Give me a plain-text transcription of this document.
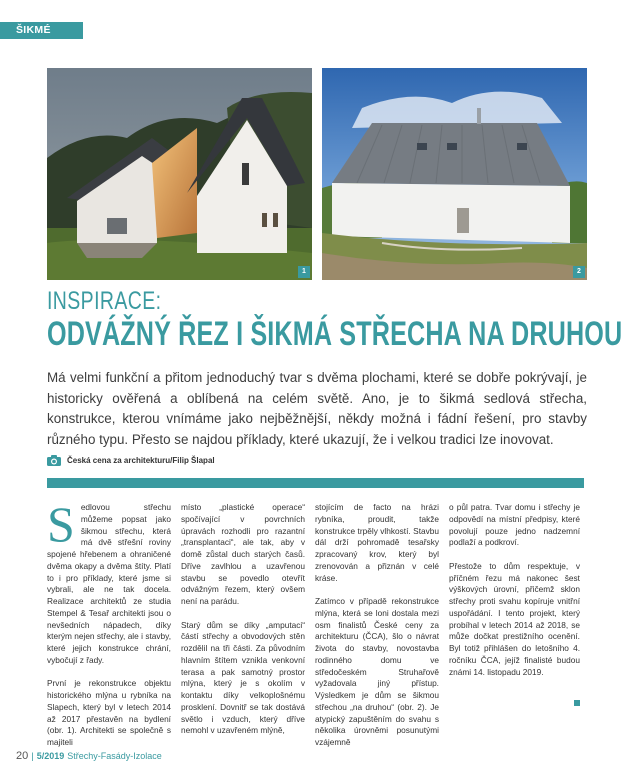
ŠIKMÉ STŘECHY
1	2
INSPIRACE:
ODVÁŽNÝ ŘEZ I ŠIKMÁ STŘECHA NA DRUHOU
Má velmi funkční a přitom jednoduchý tvar s dvěma plochami, které se dobře pokrývají, je historicky ověřená a oblíbená na celém světě. Ano, je to šikmá sedlová střecha, konstrukce, kterou vnímáme jako nejběžnější, někdy možná i fádní řešení, pro stavby různého typu. Přesto se najdou příklady, které ukazují, že i velkou tradici lze inovovat.
Česká cena za architekturu/Filip Šlapal

Sedlovou střechu můžeme popsat jako šikmou střechu, která má dvě střešní roviny spojené hřebenem a ohraničené dvěma okapy a dvěma štíty. Platí to i pro příklady, které jsme si vybrali, ale ne tak docela. Realizace architektů ze studia Stempel & Tesař architekti jsou o nevšedních nápadech, díky kterým nejen střechy, ale i stavby, které jejich konstrukce chrání, vybočují z řady.

První je rekonstrukce objektu historického mlýna u rybníka na Slapech, který byl v letech 2014 až 2017 přestavěn na bydlení (obr. 1). Architekti se společně s majiteli

místo „plastické operace“ spočívající v povrchních úpravách rozhodli pro razantní „transplantaci“, ale tak, aby v domě zůstal duch starých časů. Dříve zavlhlou a uzavřenou stavbu se povedlo otevřít odvážným řezem, který ovšem není na parádu.

Starý dům se díky „amputaci“ částí střechy a obvodových stěn rozdělil na tři části. Za původním hlavním štítem vznikla venkovní terasa a pak samotný prostor mlýna, který je s okolím v kontaktu díky velkoplošnému prosklení. Dovnitř se tak dostává světlo i vzduch, který dříve nemohl v uzavřeném mlýně,

stojícím de facto na hrázi rybníka, proudit, takže konstrukce trpěly vlhkostí. Stavbu dál drží pohromadě tesařsky zpracovaný krov, který byl zrenovován a přiznán v celé kráse.

Zatímco v případě rekonstrukce mlýna, která se loni dostala mezi osm finalistů České ceny za architekturu (ČCA), šlo o návrat života do stavby, novostavba rodinného domu ve středočeském Struhařově vyžadovala jiný přístup. Výsledkem je dům se šikmou střechou „na druhou“ (obr. 2). Je atypický zapuštěním do svahu s několika úrovněmi posunutými vzájemně

o půl patra. Tvar domu i střechy je odpovědí na místní předpisy, které povolují pouze jedno nadzemní podlaží a podkroví.

Přestože to dům respektuje, v příčném řezu má nakonec šest výškových úrovní, přičemž sklon střechy proti svahu kopíruje vnitřní uspořádání. I tento projekt, který probíhal v letech 2014 až 2018, se může dočkat prestižního ocenění. Byl totiž přihlášen do letošního 4. ročníku ČCA, jejíž finalisté budou známi 14. listopadu 2019.

20 | 5/2019 Střechy-Fasády-Izolace
